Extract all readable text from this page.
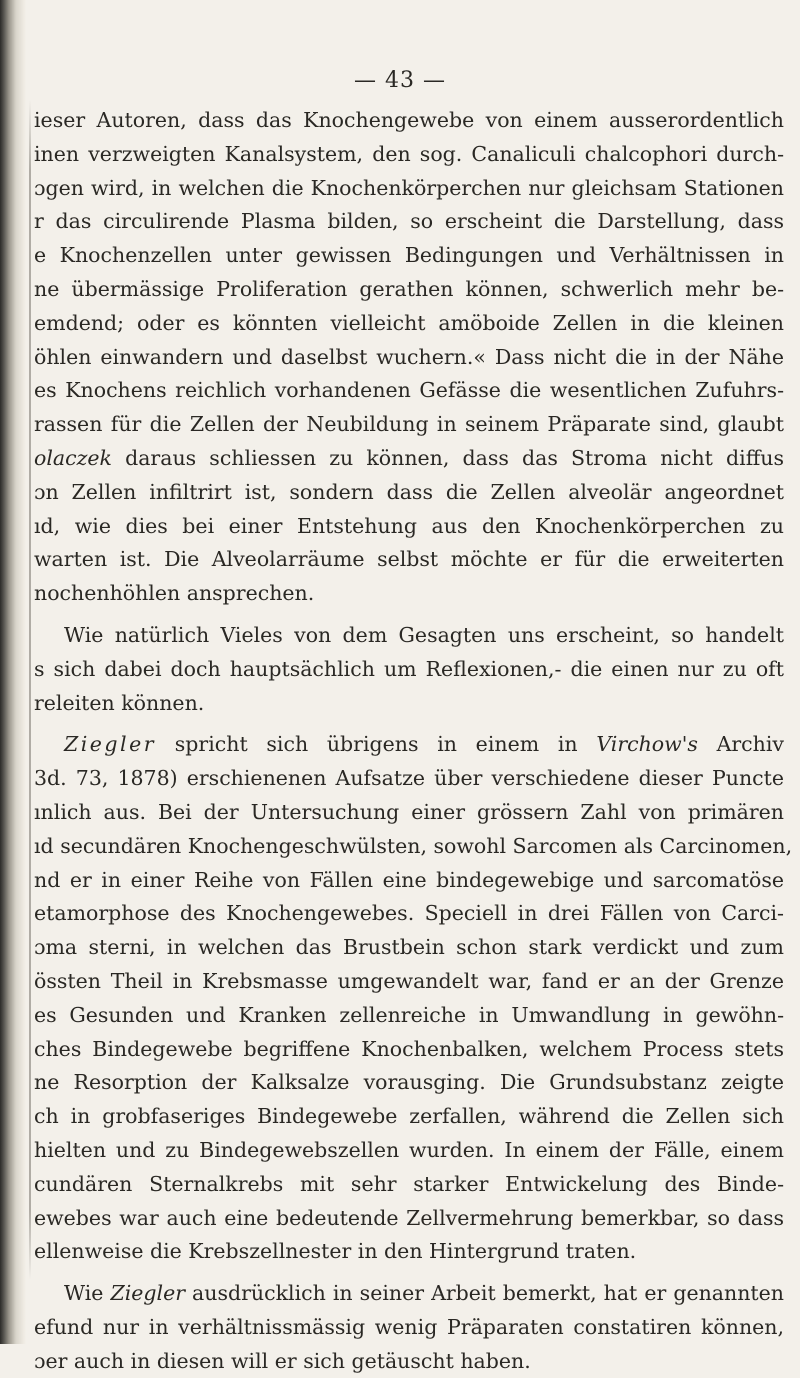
— 43 —
ieser Autoren, dass das Knochengewebe von einem ausserordentlich
inen verzweigten Kanalsystem, den sog. Canaliculi chalcophori durch-
ɔgen wird, in welchen die Knochenkörperchen nur gleichsam Stationen
r das circulirende Plasma bilden, so erscheint die Darstellung, dass
e Knochenzellen unter gewissen Bedingungen und Verhältnissen in
ne übermässige Proliferation gerathen können, schwerlich mehr be-
emdend; oder es könnten vielleicht amöboide Zellen in die kleinen
öhlen einwandern und daselbst wuchern.« Dass nicht die in der Nähe
es Knochens reichlich vorhandenen Gefässe die wesentlichen Zufuhrs-
rassen für die Zellen der Neubildung in seinem Präparate sind, glaubt
olaczek daraus schliessen zu können, dass das Stroma nicht diffus
ɔn Zellen infiltrirt ist, sondern dass die Zellen alveolär angeordnet
ıd, wie dies bei einer Entstehung aus den Knochenkörperchen zu
warten ist. Die Alveolarräume selbst möchte er für die erweiterten
nochenhöhlen ansprechen.
Wie natürlich Vieles von dem Gesagten uns erscheint, so handelt
s sich dabei doch hauptsächlich um Reflexionen,- die einen nur zu oft
releiten können.
Ziegler spricht sich übrigens in einem in Virchow's Archiv
3d. 73, 1878) erschienenen Aufsatze über verschiedene dieser Puncte
ınlich aus. Bei der Untersuchung einer grössern Zahl von primären
ıd secundären Knochengeschwülsten, sowohl Sarcomen als Carcinomen,
nd er in einer Reihe von Fällen eine bindegewebige und sarcomatöse
etamorphose des Knochengewebes. Speciell in drei Fällen von Carci-
ɔma sterni, in welchen das Brustbein schon stark verdickt und zum
össten Theil in Krebsmasse umgewandelt war, fand er an der Grenze
es Gesunden und Kranken zellenreiche in Umwandlung in gewöhn-
ches Bindegewebe begriffene Knochenbalken, welchem Process stets
ne Resorption der Kalksalze vorausging. Die Grundsubstanz zeigte
ch in grobfaseriges Bindegewebe zerfallen, während die Zellen sich
hielten und zu Bindegewebszellen wurden. In einem der Fälle, einem
cundären Sternalkrebs mit sehr starker Entwickelung des Binde-
ewebes war auch eine bedeutende Zellvermehrung bemerkbar, so dass
ellenweise die Krebszellnester in den Hintergrund traten.
Wie Ziegler ausdrücklich in seiner Arbeit bemerkt, hat er genannten
efund nur in verhältnissmässig wenig Präparaten constatiren können,
ɔer auch in diesen will er sich getäuscht haben.
